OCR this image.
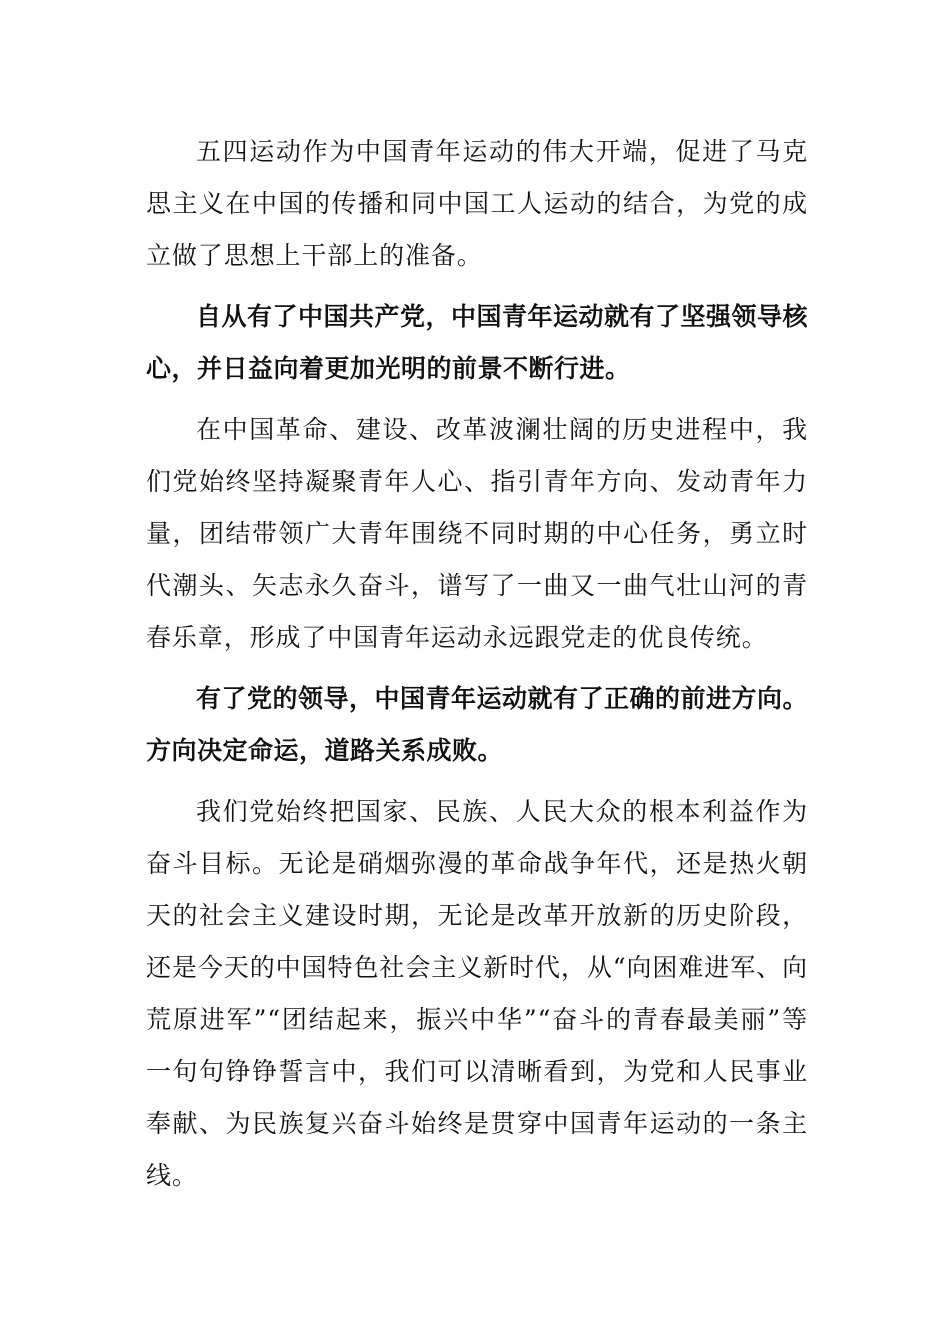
五四运动作为中国青年运动的伟大开端，促进了马克思主义在中国的传播和同中国工人运动的结合，为党的成立做了思想上干部上的准备。

自从有了中国共产党，中国青年运动就有了坚强领导核心，并日益向着更加光明的前景不断行进。

在中国革命、建设、改革波澜壮阔的历史进程中，我们党始终坚持凝聚青年人心、指引青年方向、发动青年力量，团结带领广大青年围绕不同时期的中心任务，勇立时代潮头、矢志永久奋斗，谱写了一曲又一曲气壮山河的青春乐章，形成了中国青年运动永远跟党走的优良传统。

有了党的领导，中国青年运动就有了正确的前进方向。方向决定命运，道路关系成败。

我们党始终把国家、民族、人民大众的根本利益作为奋斗目标。无论是硝烟弥漫的革命战争年代，还是热火朝天的社会主义建设时期，无论是改革开放新的历史阶段，还是今天的中国特色社会主义新时代，从“向困难进军、向荒原进军”“团结起来，振兴中华”“奋斗的青春最美丽”等一句句铮铮誓言中，我们可以清晰看到，为党和人民事业奉献、为民族复兴奋斗始终是贯穿中国青年运动的一条主线。
